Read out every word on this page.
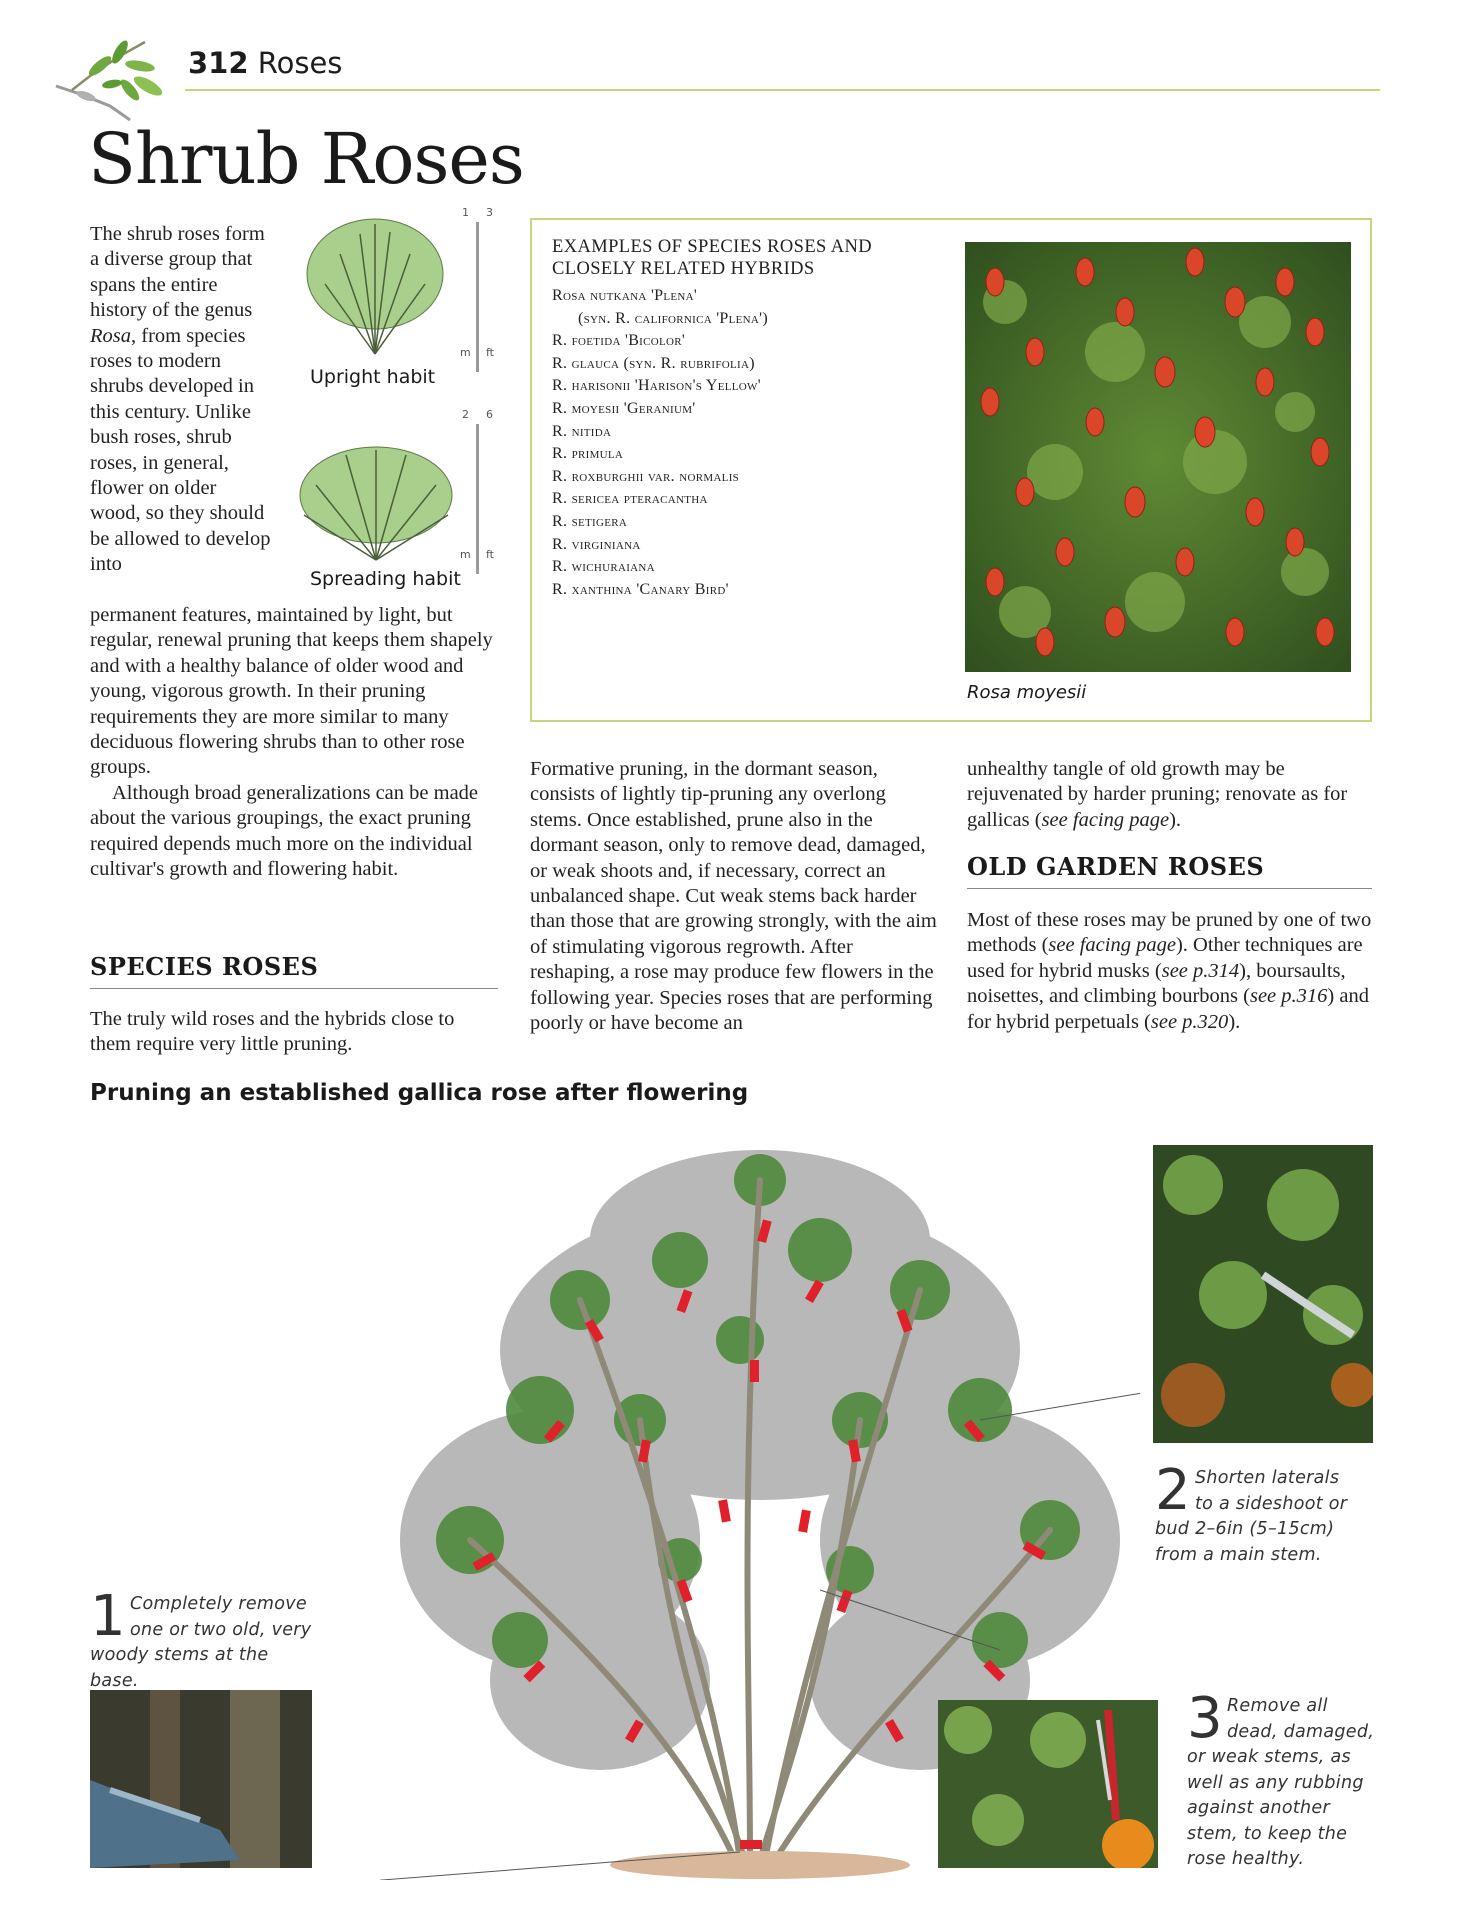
312 Roses
Shrub Roses
The shrub roses form a diverse group that spans the entire history of the genus Rosa, from species roses to modern shrubs developed in this century. Unlike bush roses, shrub roses, in general, flower on older wood, so they should be allowed to develop into

permanent features, maintained by light, but regular, renewal pruning that keeps them shapely and with a healthy balance of older wood and young, vigorous growth. In their pruning requirements they are more similar to many deciduous flowering shrubs than to other rose groups.

Although broad generalizations can be made about the various groupings, the exact pruning required depends much more on the individual cultivar's growth and flowering habit.

Upright habit
1 3
m ft
Spreading habit
2 6
m ft
SPECIES ROSES
The truly wild roses and the hybrids close to them require very little pruning.
EXAMPLES OF SPECIES ROSES AND CLOSELY RELATED HYBRIDS
Rosa nutkana 'Plena'
(syn. R. californica 'Plena')
R. foetida 'Bicolor'
R. glauca (syn. R. rubrifolia)
R. harisonii 'Harison's Yellow'
R. moyesii 'Geranium'
R. nitida
R. primula
R. roxburghii var. normalis
R. sericea pteracantha
R. setigera
R. virginiana
R. wichuraiana
R. xanthina 'Canary Bird'
Rosa moyesii
Formative pruning, in the dormant season, consists of lightly tip-pruning any overlong stems. Once established, prune also in the dormant season, only to remove dead, damaged, or weak shoots and, if necessary, correct an unbalanced shape. Cut weak stems back harder than those that are growing strongly, with the aim of stimulating vigorous regrowth. After reshaping, a rose may produce few flowers in the following year. Species roses that are performing poorly or have become an
unhealthy tangle of old growth may be rejuvenated by harder pruning; renovate as for gallicas (see facing page).
OLD GARDEN ROSES
Most of these roses may be pruned by one of two methods (see facing page). Other techniques are used for hybrid musks (see p.314), boursaults, noisettes, and climbing bourbons (see p.316) and for hybrid perpetuals (see p.320).
Pruning an established gallica rose after flowering
1 Completely remove one or two old, very woody stems at the base.
2 Shorten laterals to a sideshoot or bud 2–6in (5–15cm) from a main stem.
3 Remove all dead, damaged, or weak stems, as well as any rubbing against another stem, to keep the rose healthy.
